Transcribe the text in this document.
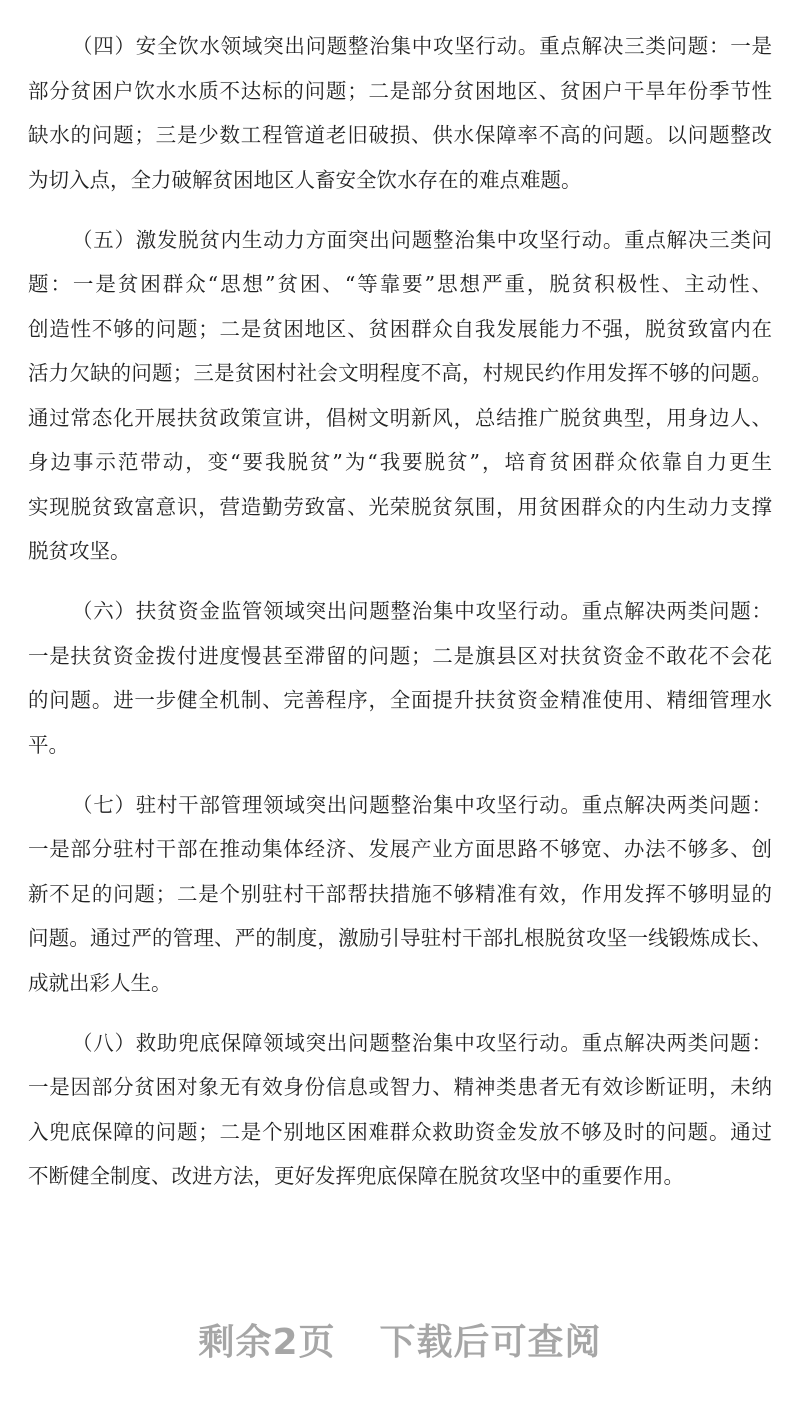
（四）安全饮水领域突出问题整治集中攻坚行动。重点解决三类问题：一是
部分贫困户饮水水质不达标的问题；二是部分贫困地区、贫困户干旱年份季节性
缺水的问题；三是少数工程管道老旧破损、供水保障率不高的问题。以问题整改
为切入点，全力破解贫困地区人畜安全饮水存在的难点难题。
（五）激发脱贫内生动力方面突出问题整治集中攻坚行动。重点解决三类问
题：一是贫困群众“思想”贫困、“等靠要”思想严重，脱贫积极性、主动性、
创造性不够的问题；二是贫困地区、贫困群众自我发展能力不强，脱贫致富内在
活力欠缺的问题；三是贫困村社会文明程度不高，村规民约作用发挥不够的问题。
通过常态化开展扶贫政策宣讲，倡树文明新风，总结推广脱贫典型，用身边人、
身边事示范带动，变“要我脱贫”为“我要脱贫”，培育贫困群众依靠自力更生
实现脱贫致富意识，营造勤劳致富、光荣脱贫氛围，用贫困群众的内生动力支撑
脱贫攻坚。
（六）扶贫资金监管领域突出问题整治集中攻坚行动。重点解决两类问题：
一是扶贫资金拨付进度慢甚至滞留的问题；二是旗县区对扶贫资金不敢花不会花
的问题。进一步健全机制、完善程序，全面提升扶贫资金精准使用、精细管理水
平。
（七）驻村干部管理领域突出问题整治集中攻坚行动。重点解决两类问题：
一是部分驻村干部在推动集体经济、发展产业方面思路不够宽、办法不够多、创
新不足的问题；二是个别驻村干部帮扶措施不够精准有效，作用发挥不够明显的
问题。通过严的管理、严的制度，激励引导驻村干部扎根脱贫攻坚一线锻炼成长、
成就出彩人生。
（八）救助兜底保障领域突出问题整治集中攻坚行动。重点解决两类问题：
一是因部分贫困对象无有效身份信息或智力、精神类患者无有效诊断证明，未纳
入兜底保障的问题；二是个别地区困难群众救助资金发放不够及时的问题。通过
不断健全制度、改进方法，更好发挥兜底保障在脱贫攻坚中的重要作用。
剩余2页 下载后可查阅
